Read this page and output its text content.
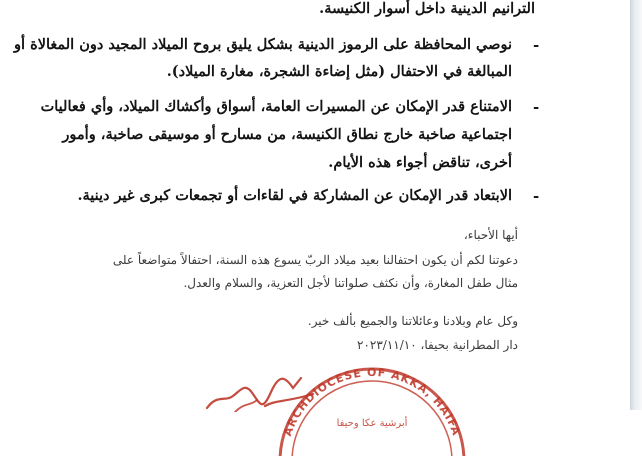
الترانيم الدينية داخل أسوار الكنيسة.
-
نوصي المحافظة على الرموز الدينية بشكل يليق بروح الميلاد المجيد دون المغالاة أو
المبالغة في الاحتفال (مثل إضاءة الشجرة، مغارة الميلاد).
-
الامتناع قدر الإمكان عن المسيرات العامة، أسواق وأكشاك الميلاد، وأي فعاليات
اجتماعية صاخبة خارج نطاق الكنيسة، من مسارح أو موسيقى صاخبة، وأمور
أخرى، تناقض أجواء هذه الأيام.
-
الابتعاد قدر الإمكان عن المشاركة في لقاءات أو تجمعات كبرى غير دينية.
أيها الأحباء،
دعوتنا لكم أن يكون احتفالنا بعيد ميلاد الربّ يسوع هذه السنة، احتفالاً متواضعاً على
مثال طفل المغارة، وأن نكثف صلواتنا لأجل التعزية، والسلام والعدل.
وكل عام وبلادنا وعائلاتنا والجميع بألف خير.
دار المطرانية بحيفا، ٢٠٢٣/١١/١٠
ARCHDIOCESE OF AKKA, HAIFA
أبرشية عكا وحيفا
